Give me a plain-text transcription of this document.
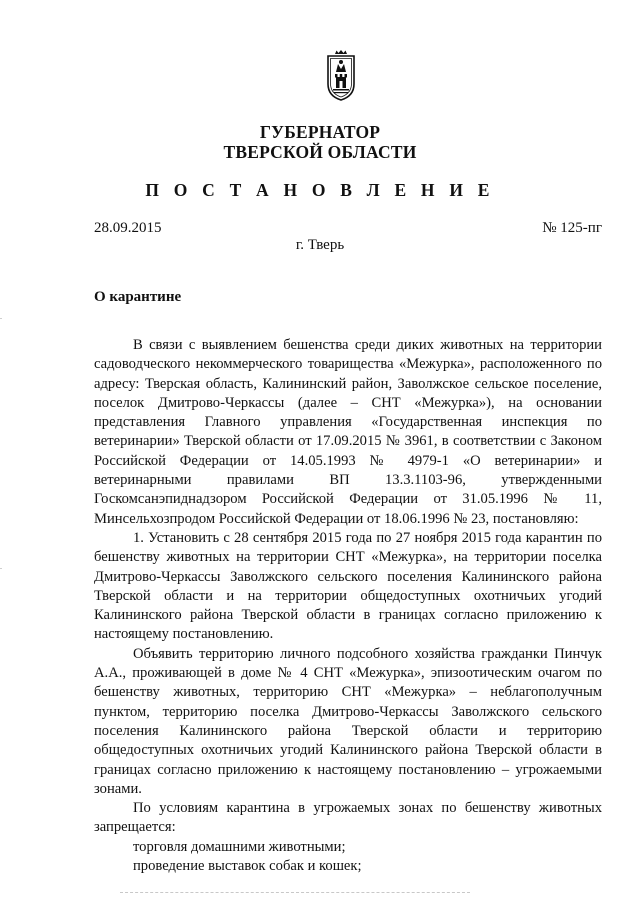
ГУБЕРНАТОР
ТВЕРСКОЙ ОБЛАСТИ
П О С Т А Н О В Л Е Н И Е
28.09.2015	№ 125-пг
г. Тверь
О карантине

В связи с выявлением бешенства среди диких животных на территории садоводческого некоммерческого товарищества «Межурка», расположенного по адресу: Тверская область, Калининский район, Заволжское сельское поселение, поселок Дмитрово-Черкассы (далее – СНТ «Межурка»), на основании представления Главного управления «Государственная инспекция по ветеринарии» Тверской области от 17.09.2015 № 3961, в соответствии с Законом Российской Федерации от 14.05.1993 № 4979-1 «О ветеринарии» и ветеринарными правилами ВП 13.3.1103-96, утвержденными Госкомсанэпиднадзором Российской Федерации от 31.05.1996 № 11, Минсельхозпродом Российской Федерации от 18.06.1996 № 23, постановляю:

1. Установить с 28 сентября 2015 года по 27 ноября 2015 года карантин по бешенству животных на территории СНТ «Межурка», на территории поселка Дмитрово-Черкассы Заволжского сельского поселения Калининского района Тверской области и на территории общедоступных охотничьих угодий Калининского района Тверской области в границах согласно приложению к настоящему постановлению.

Объявить территорию личного подсобного хозяйства гражданки Пинчук А.А., проживающей в доме № 4 СНТ «Межурка», эпизоотическим очагом по бешенству животных, территорию СНТ «Межурка» – неблагополучным пунктом, территорию поселка Дмитрово-Черкассы Заволжского сельского поселения Калининского района Тверской области и территорию общедоступных охотничьих угодий Калининского района Тверской области в границах согласно приложению к настоящему постановлению – угрожаемыми зонами.

По условиям карантина в угрожаемых зонах по бешенству животных запрещается:

торговля домашними животными;

проведение выставок собак и кошек;
